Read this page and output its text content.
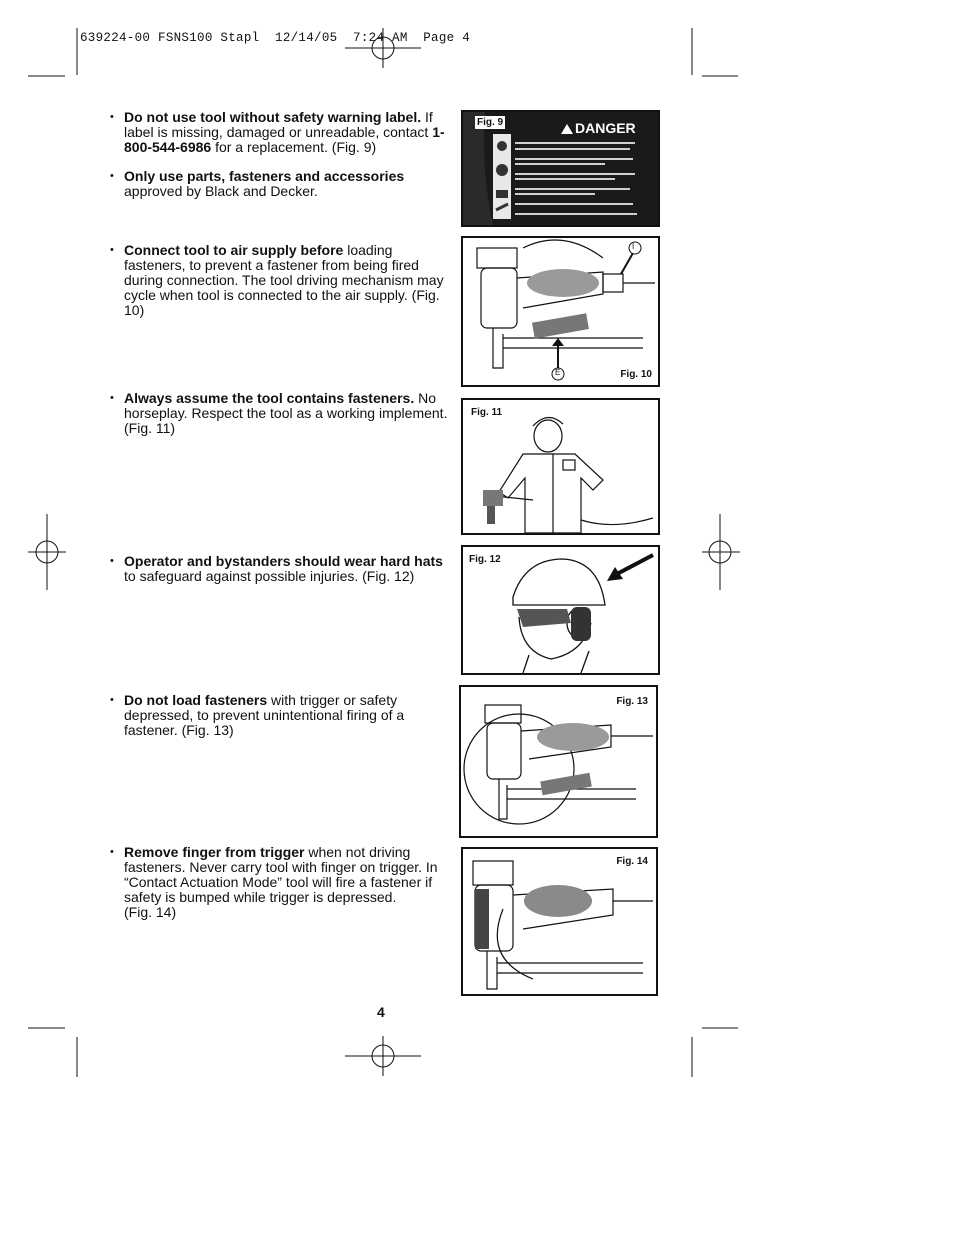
639224-00 FSNS100 Stapl  12/14/05  7:24 AM  Page 4
• Do not use tool without safety warning label. If label is missing, damaged or unreadable, contact 1-800-544-6986 for a replacement. (Fig. 9)
• Only use parts, fasteners and accessories approved by Black and Decker.
• Connect tool to air supply before loading fasteners, to prevent a fastener from being fired during connection. The tool driving mechanism may cycle when tool is connected to the air supply. (Fig. 10)
• Always assume the tool contains fasteners. No horseplay. Respect the tool as a working implement. (Fig. 11)
• Operator and bystanders should wear hard hats to safeguard against possible injuries. (Fig. 12)
• Do not load fasteners with trigger or safety depressed, to prevent unintentional firing of a fastener. (Fig. 13)
• Remove finger from trigger when not driving fasteners. Never carry tool with finger on trigger. In “Contact Actuation Mode” tool will fire a fastener if safety is bumped while trigger is depressed.
(Fig. 14)
Fig. 9	DANGER
I
E	Fig. 10
Fig. 11
Fig. 12
Fig. 13
Fig. 14
4
